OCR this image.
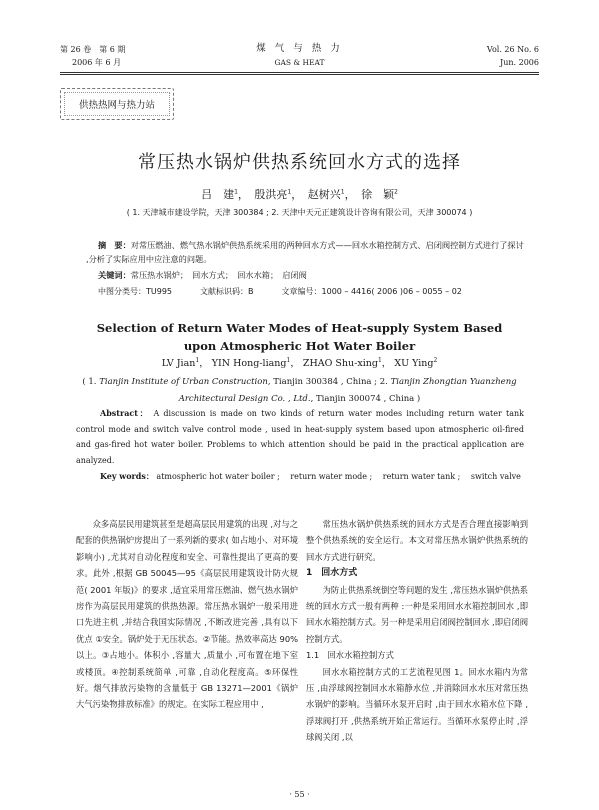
第 26 卷　第 6 期
2006 年 6 月
煤 气 与 热 力
GAS & HEAT
Vol. 26 No. 6
Jun. 2006
供热热网与热力站
常压热水锅炉供热系统回水方式的选择
吕　建$^1$， 殷洪亮$^1$， 赵树兴$^1$， 徐　颖$^2$
( 1. 天津城市建设学院，天津 300384 ; 2. 天津中天元正建筑设计咨询有限公司，天津 300074 )
摘　要：对常压燃油、燃气热水锅炉供热系统采用的两种回水方式——回水水箱控制方式、启闭阀控制方式进行了探讨 ,分析了实际应用中应注意的问题。
关键词：常压热水锅炉；　回水方式；　回水水箱；　启闭阀
中图分类号：TU995	文献标识码：B	文章编号：1000 – 4416( 2006 )06 – 0055 – 02
Selection of Return Water Modes of Heat-supply System Based
upon Atmospheric Hot Water Boiler
LV Jian$^1$， YIN Hong-liang$^1$， ZHAO Shu-xing$^1$， XU Ying$^2$
( 1. Tianjin Institute of Urban Construction, Tianjin 300384 , China ; 2. Tianjin Zhongtian Yuanzheng
Architectural Design Co. , Ltd., Tianjin 300074 , China )
Abstract： A discussion is made on two kinds of return water modes including return water tank control mode and switch valve control mode , used in heat-supply system based upon atmospheric oil-fired and gas-fired hot water boiler. Problems to which attention should be paid in the practical application are analyzed.
Key words： atmospheric hot water boiler ;　 return water mode ;　 return water tank ;　 switch valve

众多高层民用建筑甚至是超高层民用建筑的出现 ,对与之配套的供热锅炉房提出了一系列新的要求( 如占地小、对环境影响小) ,尤其对自动化程度和安全、可靠性提出了更高的要求。此外 ,根据 GB 50045—95《高层民用建筑设计防火规范( 2001 年版)》的要求 ,适宜采用常压燃油、燃气热水锅炉房作为高层民用建筑的供热热源。常压热水锅炉一般采用进口先进主机 ,并结合我国实际情况 ,不断改进完善 ,具有以下优点 ①安全。锅炉处于无压状态。②节能。热效率高达 90% 以上。③占地小。体积小 ,容量大 ,质量小 ,可布置在地下室或楼顶。④控制系统简单 ,可靠 ,自动化程度高。⑤环保性好。烟气排放污染物的含量低于 GB 13271—2001《锅炉大气污染物排放标准》的规定。在实际工程应用中 ,

常压热水锅炉供热系统的回水方式是否合理直接影响到整个供热系统的安全运行。本文对常压热水锅炉供热系统的回水方式进行研究。

1　回水方式

为防止供热系统倒空等问题的发生 ,常压热水锅炉供热系统的回水方式一般有两种 :一种是采用回水水箱控制回水 ,即回水水箱控制方式。另一种是采用启闭阀控制回水 ,即启闭阀控制方式。

1.1　回水水箱控制方式

回水水箱控制方式的工艺流程见图 1。回水水箱内为常压 ,由浮球阀控制回水水箱静水位 ,并消除回水水压对常压热水锅炉的影响。当循环水泵开启时 ,由于回水水箱水位下降 ,浮球阀打开 ,供热系统开始正常运行。当循环水泵停止时 ,浮球阀关闭 ,以

· 55 ·
